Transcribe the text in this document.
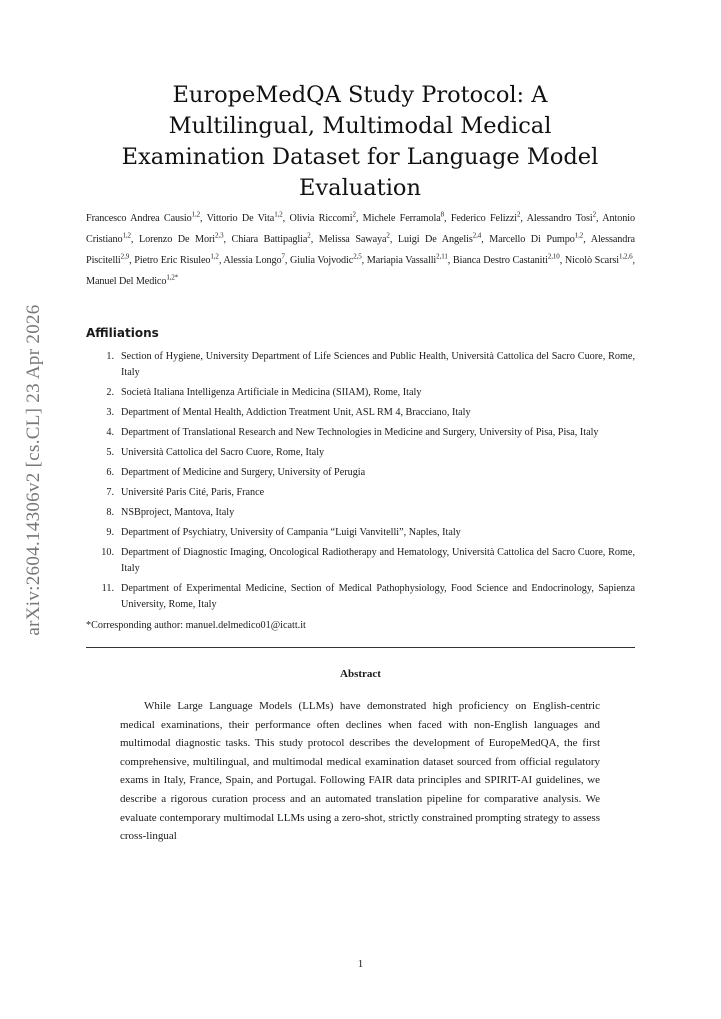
arXiv:2604.14306v2 [cs.CL] 23 Apr 2026
EuropeMedQA Study Protocol: A Multilingual, Multimodal Medical Examination Dataset for Language Model Evaluation
Francesco Andrea Causio$^{1,2}$, Vittorio De Vita$^{1,2}$, Olivia Riccomi$^2$, Michele Ferramola$^8$, Federico Felizzi$^2$, Alessandro Tosi$^2$, Antonio Cristiano$^{1,2}$, Lorenzo De Mori$^{2,3}$, Chiara Battipaglia$^2$, Melissa Sawaya$^2$, Luigi De Angelis$^{2,4}$, Marcello Di Pumpo$^{1,2}$, Alessandra Piscitelli$^{2,9}$, Pietro Eric Risuleo$^{1,2}$, Alessia Longo$^7$, Giulia Vojvodic$^{2,5}$, Mariapia Vassalli$^{2,11}$, Bianca Destro Castaniti$^{2,10}$, Nicolò Scarsi$^{1,2,6}$, Manuel Del Medico$^{1,2*}$
Affiliations
1. Section of Hygiene, University Department of Life Sciences and Public Health, Università Cattolica del Sacro Cuore, Rome, Italy
2. Società Italiana Intelligenza Artificiale in Medicina (SIIAM), Rome, Italy
3. Department of Mental Health, Addiction Treatment Unit, ASL RM 4, Bracciano, Italy
4. Department of Translational Research and New Technologies in Medicine and Surgery, University of Pisa, Pisa, Italy
5. Università Cattolica del Sacro Cuore, Rome, Italy
6. Department of Medicine and Surgery, University of Perugia
7. Université Paris Cité, Paris, France
8. NSBproject, Mantova, Italy
9. Department of Psychiatry, University of Campania “Luigi Vanvitelli”, Naples, Italy
10. Department of Diagnostic Imaging, Oncological Radiotherapy and Hematology, Università Cattolica del Sacro Cuore, Rome, Italy
11. Department of Experimental Medicine, Section of Medical Pathophysiology, Food Science and Endocrinology, Sapienza University, Rome, Italy
*Corresponding author: manuel.delmedico01@icatt.it
Abstract

While Large Language Models (LLMs) have demonstrated high proficiency on English-centric medical examinations, their performance often declines when faced with non-English languages and multimodal diagnostic tasks. This study protocol describes the development of EuropeMedQA, the first comprehensive, multilingual, and multimodal medical examination dataset sourced from official regulatory exams in Italy, France, Spain, and Portugal. Following FAIR data principles and SPIRIT-AI guidelines, we describe a rigorous curation process and an automated translation pipeline for comparative analysis. We evaluate contemporary multimodal LLMs using a zero-shot, strictly constrained prompting strategy to assess cross-lingual

1
